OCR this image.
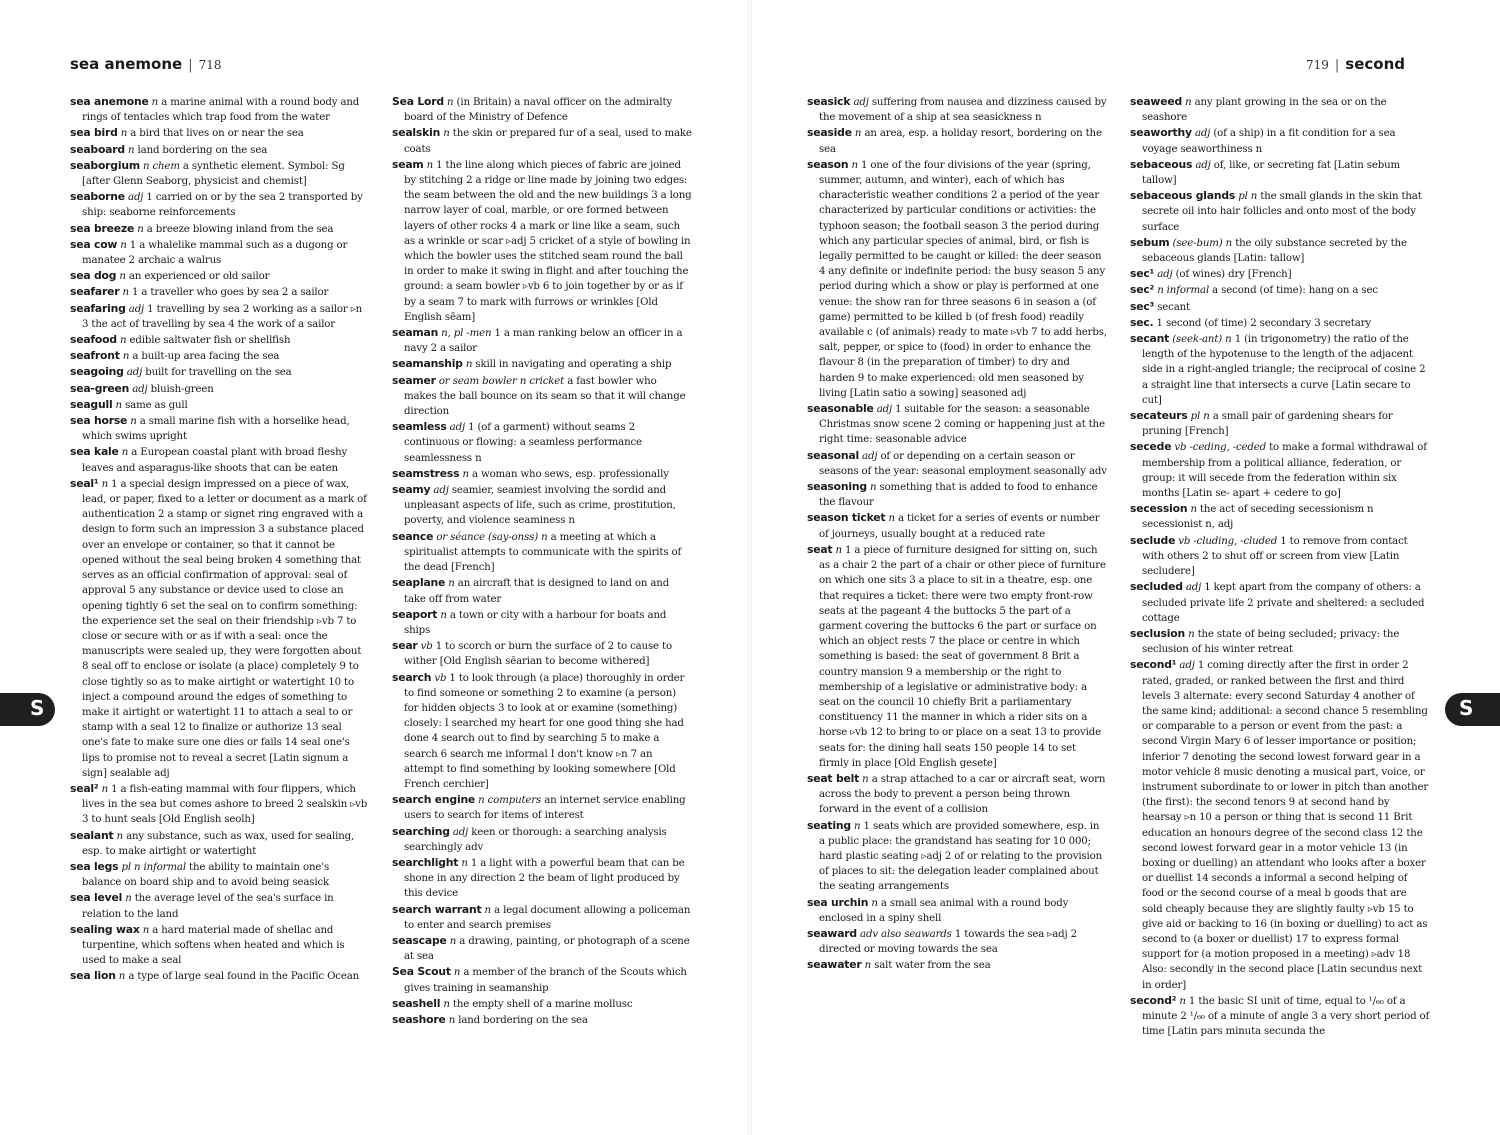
sea anemone | 718

sea anemone n a marine animal with a round body and rings of tentacles which trap food from the water

sea bird n a bird that lives on or near the sea

seaboard n land bordering on the sea

seaborgium n chem a synthetic element. Symbol: Sg [after Glenn Seaborg, physicist and chemist]

seaborne adj 1 carried on or by the sea 2 transported by ship: seaborne reinforcements

sea breeze n a breeze blowing inland from the sea

sea cow n 1 a whalelike mammal such as a dugong or manatee 2 archaic a walrus

sea dog n an experienced or old sailor

seafarer n 1 a traveller who goes by sea 2 a sailor

seafaring adj 1 travelling by sea 2 working as a sailor ▹n 3 the act of travelling by sea 4 the work of a sailor

seafood n edible saltwater fish or shellfish

seafront n a built-up area facing the sea

seagoing adj built for travelling on the sea

sea-green adj bluish-green

seagull n same as gull

sea horse n a small marine fish with a horselike head, which swims upright

sea kale n a European coastal plant with broad fleshy leaves and asparagus-like shoots that can be eaten

seal¹ n 1 a special design impressed on a piece of wax, lead, or paper, fixed to a letter or document as a mark of authentication 2 a stamp or signet ring engraved with a design to form such an impression 3 a substance placed over an envelope or container, so that it cannot be opened without the seal being broken 4 something that serves as an official confirmation of approval: seal of approval 5 any substance or device used to close an opening tightly 6 set the seal on to confirm something: the experience set the seal on their friendship ▹vb 7 to close or secure with or as if with a seal: once the manuscripts were sealed up, they were forgotten about 8 seal off to enclose or isolate (a place) completely 9 to close tightly so as to make airtight or watertight 10 to inject a compound around the edges of something to make it airtight or watertight 11 to attach a seal to or stamp with a seal 12 to finalize or authorize 13 seal one's fate to make sure one dies or fails 14 seal one's lips to promise not to reveal a secret [Latin signum a sign] sealable adj

seal² n 1 a fish-eating mammal with four flippers, which lives in the sea but comes ashore to breed 2 sealskin ▹vb 3 to hunt seals [Old English seolh]

sealant n any substance, such as wax, used for sealing, esp. to make airtight or watertight

sea legs pl n informal the ability to maintain one's balance on board ship and to avoid being seasick

sea level n the average level of the sea's surface in relation to the land

sealing wax n a hard material made of shellac and turpentine, which softens when heated and which is used to make a seal

sea lion n a type of large seal found in the Pacific Ocean

Sea Lord n (in Britain) a naval officer on the admiralty board of the Ministry of Defence

sealskin n the skin or prepared fur of a seal, used to make coats

seam n 1 the line along which pieces of fabric are joined by stitching 2 a ridge or line made by joining two edges: the seam between the old and the new buildings 3 a long narrow layer of coal, marble, or ore formed between layers of other rocks 4 a mark or line like a seam, such as a wrinkle or scar ▹adj 5 cricket of a style of bowling in which the bowler uses the stitched seam round the ball in order to make it swing in flight and after touching the ground: a seam bowler ▹vb 6 to join together by or as if by a seam 7 to mark with furrows or wrinkles [Old English sēam]

seaman n, pl -men 1 a man ranking below an officer in a navy 2 a sailor

seamanship n skill in navigating and operating a ship

seamer or seam bowler n cricket a fast bowler who makes the ball bounce on its seam so that it will change direction

seamless adj 1 (of a garment) without seams 2 continuous or flowing: a seamless performance seamlessness n

seamstress n a woman who sews, esp. professionally

seamy adj seamier, seamiest involving the sordid and unpleasant aspects of life, such as crime, prostitution, poverty, and violence seaminess n

seance or séance (say-onss) n a meeting at which a spiritualist attempts to communicate with the spirits of the dead [French]

seaplane n an aircraft that is designed to land on and take off from water

seaport n a town or city with a harbour for boats and ships

sear vb 1 to scorch or burn the surface of 2 to cause to wither [Old English sēarian to become withered]

search vb 1 to look through (a place) thoroughly in order to find someone or something 2 to examine (a person) for hidden objects 3 to look at or examine (something) closely: I searched my heart for one good thing she had done 4 search out to find by searching 5 to make a search 6 search me informal I don't know ▹n 7 an attempt to find something by looking somewhere [Old French cerchier]

search engine n computers an internet service enabling users to search for items of interest

searching adj keen or thorough: a searching analysis searchingly adv

searchlight n 1 a light with a powerful beam that can be shone in any direction 2 the beam of light produced by this device

search warrant n a legal document allowing a policeman to enter and search premises

seascape n a drawing, painting, or photograph of a scene at sea

Sea Scout n a member of the branch of the Scouts which gives training in seamanship

seashell n the empty shell of a marine mollusc

seashore n land bordering on the sea

S
719 | second

seasick adj suffering from nausea and dizziness caused by the movement of a ship at sea seasickness n

seaside n an area, esp. a holiday resort, bordering on the sea

season n 1 one of the four divisions of the year (spring, summer, autumn, and winter), each of which has characteristic weather conditions 2 a period of the year characterized by particular conditions or activities: the typhoon season; the football season 3 the period during which any particular species of animal, bird, or fish is legally permitted to be caught or killed: the deer season 4 any definite or indefinite period: the busy season 5 any period during which a show or play is performed at one venue: the show ran for three seasons 6 in season a (of game) permitted to be killed b (of fresh food) readily available c (of animals) ready to mate ▹vb 7 to add herbs, salt, pepper, or spice to (food) in order to enhance the flavour 8 (in the preparation of timber) to dry and harden 9 to make experienced: old men seasoned by living [Latin satio a sowing] seasoned adj

seasonable adj 1 suitable for the season: a seasonable Christmas snow scene 2 coming or happening just at the right time: seasonable advice

seasonal adj of or depending on a certain season or seasons of the year: seasonal employment seasonally adv

seasoning n something that is added to food to enhance the flavour

season ticket n a ticket for a series of events or number of journeys, usually bought at a reduced rate

seat n 1 a piece of furniture designed for sitting on, such as a chair 2 the part of a chair or other piece of furniture on which one sits 3 a place to sit in a theatre, esp. one that requires a ticket: there were two empty front-row seats at the pageant 4 the buttocks 5 the part of a garment covering the buttocks 6 the part or surface on which an object rests 7 the place or centre in which something is based: the seat of government 8 Brit a country mansion 9 a membership or the right to membership of a legislative or administrative body: a seat on the council 10 chiefly Brit a parliamentary constituency 11 the manner in which a rider sits on a horse ▹vb 12 to bring to or place on a seat 13 to provide seats for: the dining hall seats 150 people 14 to set firmly in place [Old English gesete]

seat belt n a strap attached to a car or aircraft seat, worn across the body to prevent a person being thrown forward in the event of a collision

seating n 1 seats which are provided somewhere, esp. in a public place: the grandstand has seating for 10 000; hard plastic seating ▹adj 2 of or relating to the provision of places to sit: the delegation leader complained about the seating arrangements

sea urchin n a small sea animal with a round body enclosed in a spiny shell

seaward adv also seawards 1 towards the sea ▹adj 2 directed or moving towards the sea

seawater n salt water from the sea

seaweed n any plant growing in the sea or on the seashore

seaworthy adj (of a ship) in a fit condition for a sea voyage seaworthiness n

sebaceous adj of, like, or secreting fat [Latin sebum tallow]

sebaceous glands pl n the small glands in the skin that secrete oil into hair follicles and onto most of the body surface

sebum (see-bum) n the oily substance secreted by the sebaceous glands [Latin: tallow]

sec¹ adj (of wines) dry [French]

sec² n informal a second (of time): hang on a sec

sec³ secant

sec. 1 second (of time) 2 secondary 3 secretary

secant (seek-ant) n 1 (in trigonometry) the ratio of the length of the hypotenuse to the length of the adjacent side in a right-angled triangle; the reciprocal of cosine 2 a straight line that intersects a curve [Latin secare to cut]

secateurs pl n a small pair of gardening shears for pruning [French]

secede vb -ceding, -ceded to make a formal withdrawal of membership from a political alliance, federation, or group: it will secede from the federation within six months [Latin se- apart + cedere to go]

secession n the act of seceding secessionism n secessionist n, adj

seclude vb -cluding, -cluded 1 to remove from contact with others 2 to shut off or screen from view [Latin secludere]

secluded adj 1 kept apart from the company of others: a secluded private life 2 private and sheltered: a secluded cottage

seclusion n the state of being secluded; privacy: the seclusion of his winter retreat

second¹ adj 1 coming directly after the first in order 2 rated, graded, or ranked between the first and third levels 3 alternate: every second Saturday 4 another of the same kind; additional: a second chance 5 resembling or comparable to a person or event from the past: a second Virgin Mary 6 of lesser importance or position; inferior 7 denoting the second lowest forward gear in a motor vehicle 8 music denoting a musical part, voice, or instrument subordinate to or lower in pitch than another (the first): the second tenors 9 at second hand by hearsay ▹n 10 a person or thing that is second 11 Brit education an honours degree of the second class 12 the second lowest forward gear in a motor vehicle 13 (in boxing or duelling) an attendant who looks after a boxer or duellist 14 seconds a informal a second helping of food or the second course of a meal b goods that are sold cheaply because they are slightly faulty ▹vb 15 to give aid or backing to 16 (in boxing or duelling) to act as second to (a boxer or duellist) 17 to express formal support for (a motion proposed in a meeting) ▹adv 18 Also: secondly in the second place [Latin secundus next in order]

second² n 1 the basic SI unit of time, equal to ¹/₆₀ of a minute 2 ¹/₆₀ of a minute of angle 3 a very short period of time [Latin pars minuta secunda the

S
